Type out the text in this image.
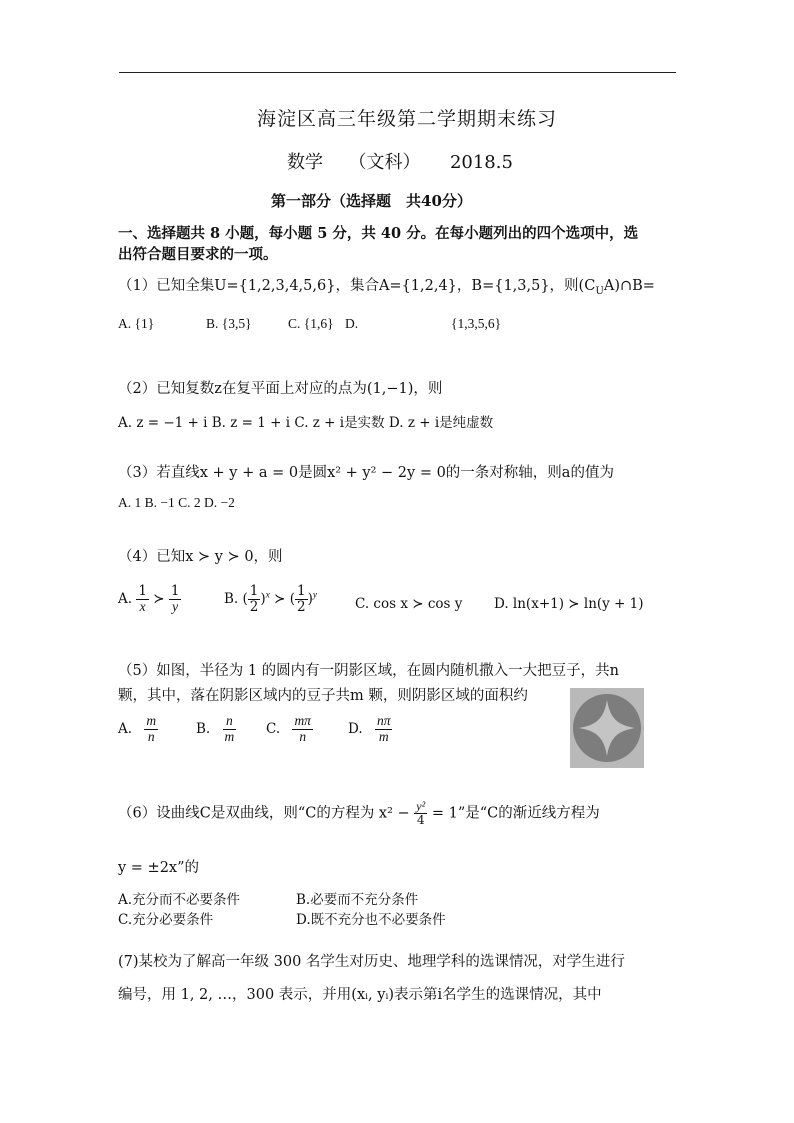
海淀区高三年级第二学期期末练习
数学 （文科） 2018.5
第一部分（选择题　共40分）
一、选择题共 8 小题，每小题 5 分，共 40 分。在每小题列出的四个选项中，选
出符合题目要求的一项。
（1）已知全集U={1,2,3,4,5,6}，集合A={1,2,4}，B={1,3,5}，则$(C_UA)\cap B=$
A. {1}	B. {3,5}	C. {1,6} D.	{1,3,5,6}
（2）已知复数z在复平面上对应的点为(1,−1)，则
A. z = −1 + i B. z = 1 + i C. z + i是实数 D. z + i是纯虚数
（3）若直线x + y + a = 0是圆x² + y² − 2y = 0的一条对称轴，则a的值为
A. 1 B. −1 C. 2 D. −2
（4）已知x ≻ y ≻ 0，则
A. $\frac{1}{x}$ ≻ $\frac{1}{y}$	B. ( $\frac{1}{2} )^x$ ≻ ( $\frac{1}{2} )^y$
C. cos x ≻ cos y D. ln(x+1) ≻ ln(y + 1)
（5）如图，半径为 1 的圆内有一阴影区域，在圆内随机撒入一大把豆子，共n
颗，其中，落在阴影区域内的豆子共m 颗，则阴影区域的面积约
A. $\frac{m}{n}$	B. $\frac{n}{m} C$. $\frac{m\pi}{n}$	D. $\frac{n\pi}{m}$
（6）设曲线C是双曲线，则“C的方程为 $x^2 - \frac{\text{y²}}{4} = 1$”是“C的渐近线方程为
y = ±2x”的
A.充分而不必要条件	B.必要而不充分条件
C.充分必要条件	D.既不充分也不必要条件
(7)某校为了解高一年级 300 名学生对历史、地理学科的选课情况，对学生进行
编号，用 1, 2, …，300 表示，并用(xᵢ, yᵢ)表示第i名学生的选课情况，其中
